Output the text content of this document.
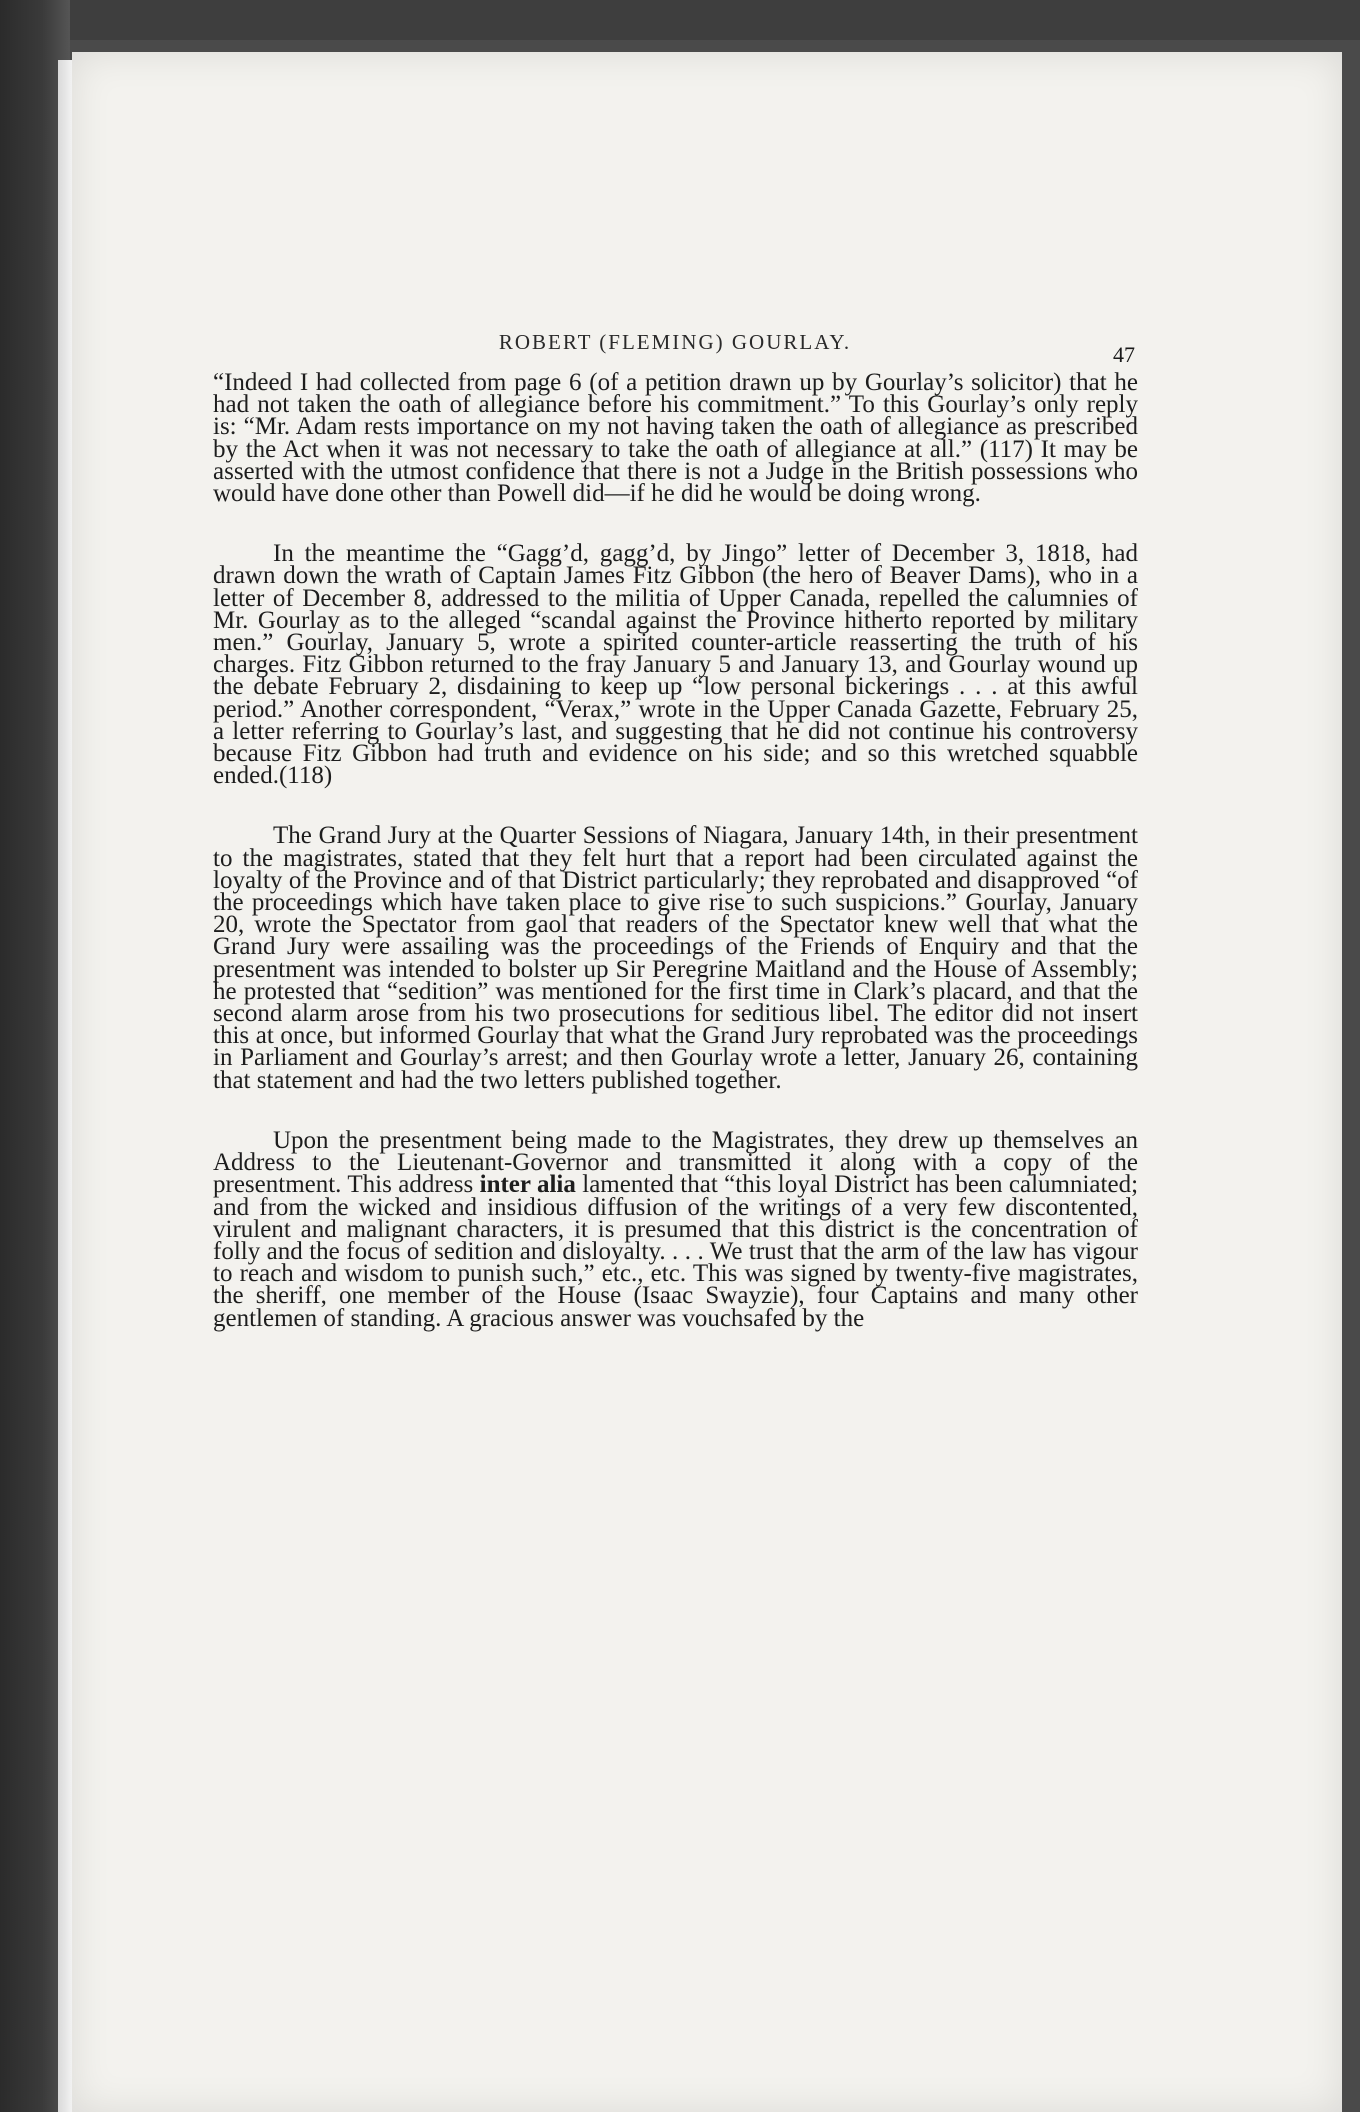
ROBERT (FLEMING) GOURLAY.	47

“Indeed I had collected from page 6 (of a petition drawn up by Gourlay’s solicitor) that he had not taken the oath of allegiance before his commitment.” To this Gourlay’s only reply is: “Mr. Adam rests importance on my not having taken the oath of allegiance as prescribed by the Act when it was not necessary to take the oath of allegiance at all.” (117) It may be asserted with the utmost confidence that there is not a Judge in the British possessions who would have done other than Powell did—if he did he would be doing wrong.

In the meantime the “Gagg’d, gagg’d, by Jingo” letter of December 3, 1818, had drawn down the wrath of Captain James Fitz Gibbon (the hero of Beaver Dams), who in a letter of December 8, addressed to the militia of Upper Canada, repelled the calumnies of Mr. Gourlay as to the alleged “scandal against the Province hitherto reported by military men.” Gourlay, January 5, wrote a spirited counter-article reasserting the truth of his charges. Fitz Gibbon returned to the fray January 5 and January 13, and Gourlay wound up the debate February 2, disdaining to keep up “low personal bickerings . . . at this awful period.” Another correspondent, “Verax,” wrote in the Upper Canada Gazette, February 25, a letter referring to Gourlay’s last, and suggesting that he did not continue his controversy because Fitz Gibbon had truth and evidence on his side; and so this wretched squabble ended.(118)

The Grand Jury at the Quarter Sessions of Niagara, January 14th, in their presentment to the magistrates, stated that they felt hurt that a report had been circulated against the loyalty of the Province and of that District particularly; they reprobated and disapproved “of the proceedings which have taken place to give rise to such suspicions.” Gourlay, January 20, wrote the Spectator from gaol that readers of the Spectator knew well that what the Grand Jury were assailing was the proceedings of the Friends of Enquiry and that the presentment was intended to bolster up Sir Peregrine Maitland and the House of Assembly; he protested that “sedition” was mentioned for the first time in Clark’s placard, and that the second alarm arose from his two prosecutions for seditious libel. The editor did not insert this at once, but informed Gourlay that what the Grand Jury reprobated was the proceedings in Parliament and Gourlay’s arrest; and then Gourlay wrote a letter, January 26, containing that statement and had the two letters published together.

Upon the presentment being made to the Magistrates, they drew up themselves an Address to the Lieutenant-Governor and transmitted it along with a copy of the presentment. This address inter alia lamented that “this loyal District has been calumniated; and from the wicked and insidious diffusion of the writings of a very few discontented, virulent and malignant characters, it is presumed that this district is the concentration of folly and the focus of sedition and disloyalty. . . . We trust that the arm of the law has vigour to reach and wisdom to punish such,” etc., etc. This was signed by twenty-five magistrates, the sheriff, one member of the House (Isaac Swayzie), four Captains and many other gentlemen of standing. A gracious answer was vouchsafed by the
